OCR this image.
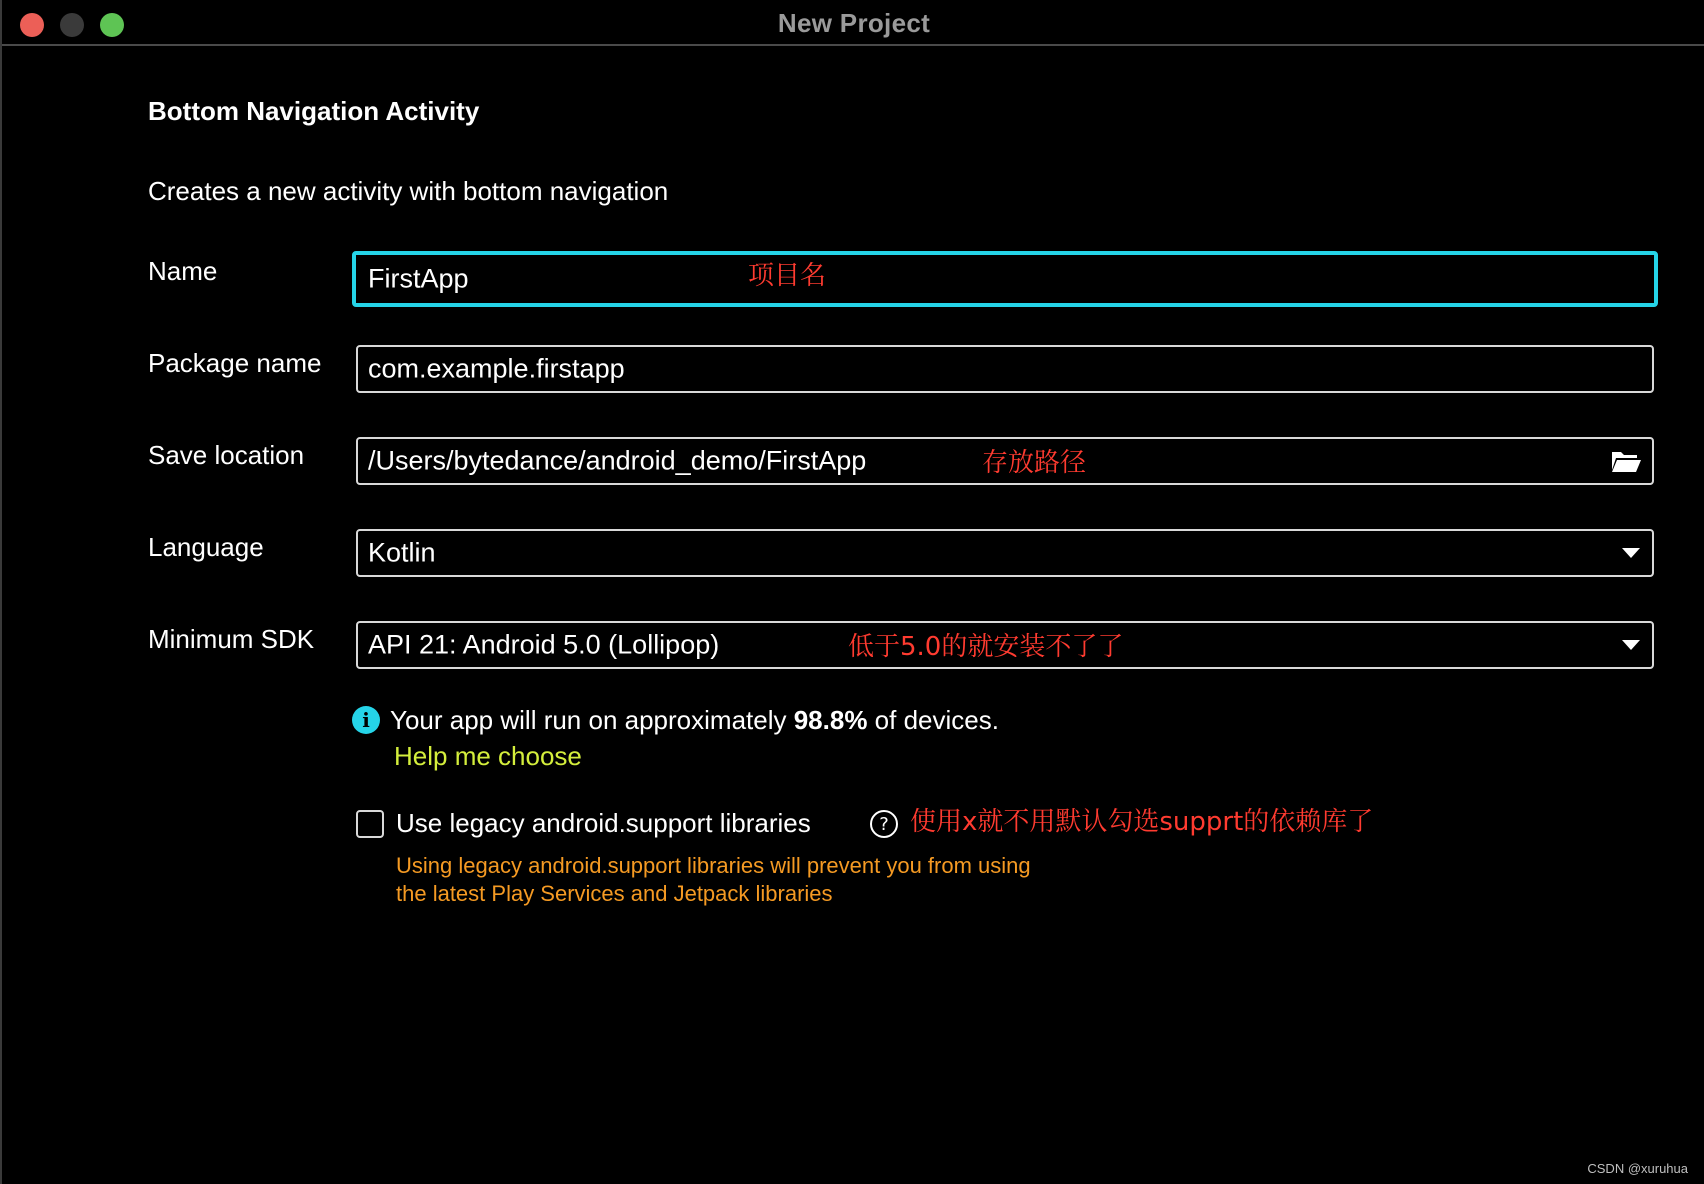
New Project
Bottom Navigation Activity
Creates a new activity with bottom navigation
Name	FirstApp	项目名
Package name com.example.firstapp
Save location /Users/bytedance/android_demo/FirstApp	存放路径
Language	Kotlin
Minimum SDK API 21: Android 5.0 (Lollipop)	低于5.0的就安装不了了
i Your app will run on approximately 98.8% of devices.
Help me choose
Use legacy android.support libraries	? 使用x就不用默认勾选supprt的依赖库了
Using legacy android.support libraries will prevent you from using
the latest Play Services and Jetpack libraries
CSDN @xuruhua
